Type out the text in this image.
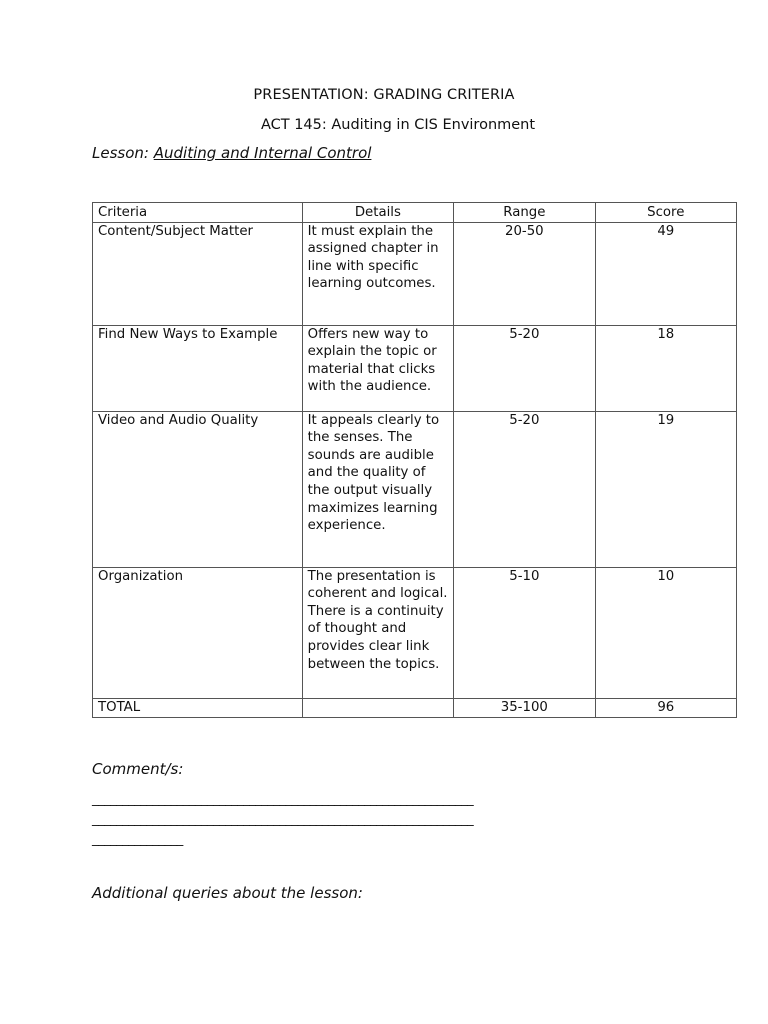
PRESENTATION: GRADING CRITERIA
ACT 145: Auditing in CIS Environment
Lesson: Auditing and Internal Control
Criteria	Details	Range	Score
Content/Subject Matter	It must explain the assigned chapter in line with specific learning outcomes.	20-50	49
Find New Ways to Example	Offers new way to explain the topic or material that clicks with the audience.	5-20	18
Video and Audio Quality	It appeals clearly to the senses. The sounds are audible and the quality of the output visually maximizes learning experience.	5-20	19
Organization	The presentation is coherent and logical. There is a continuity of thought and provides clear link between the topics.	5-10	10
TOTAL		35-100	96
Comment/s:
_______________________________________________________________
_______________________________________________________________
_______________
Additional queries about the lesson:
